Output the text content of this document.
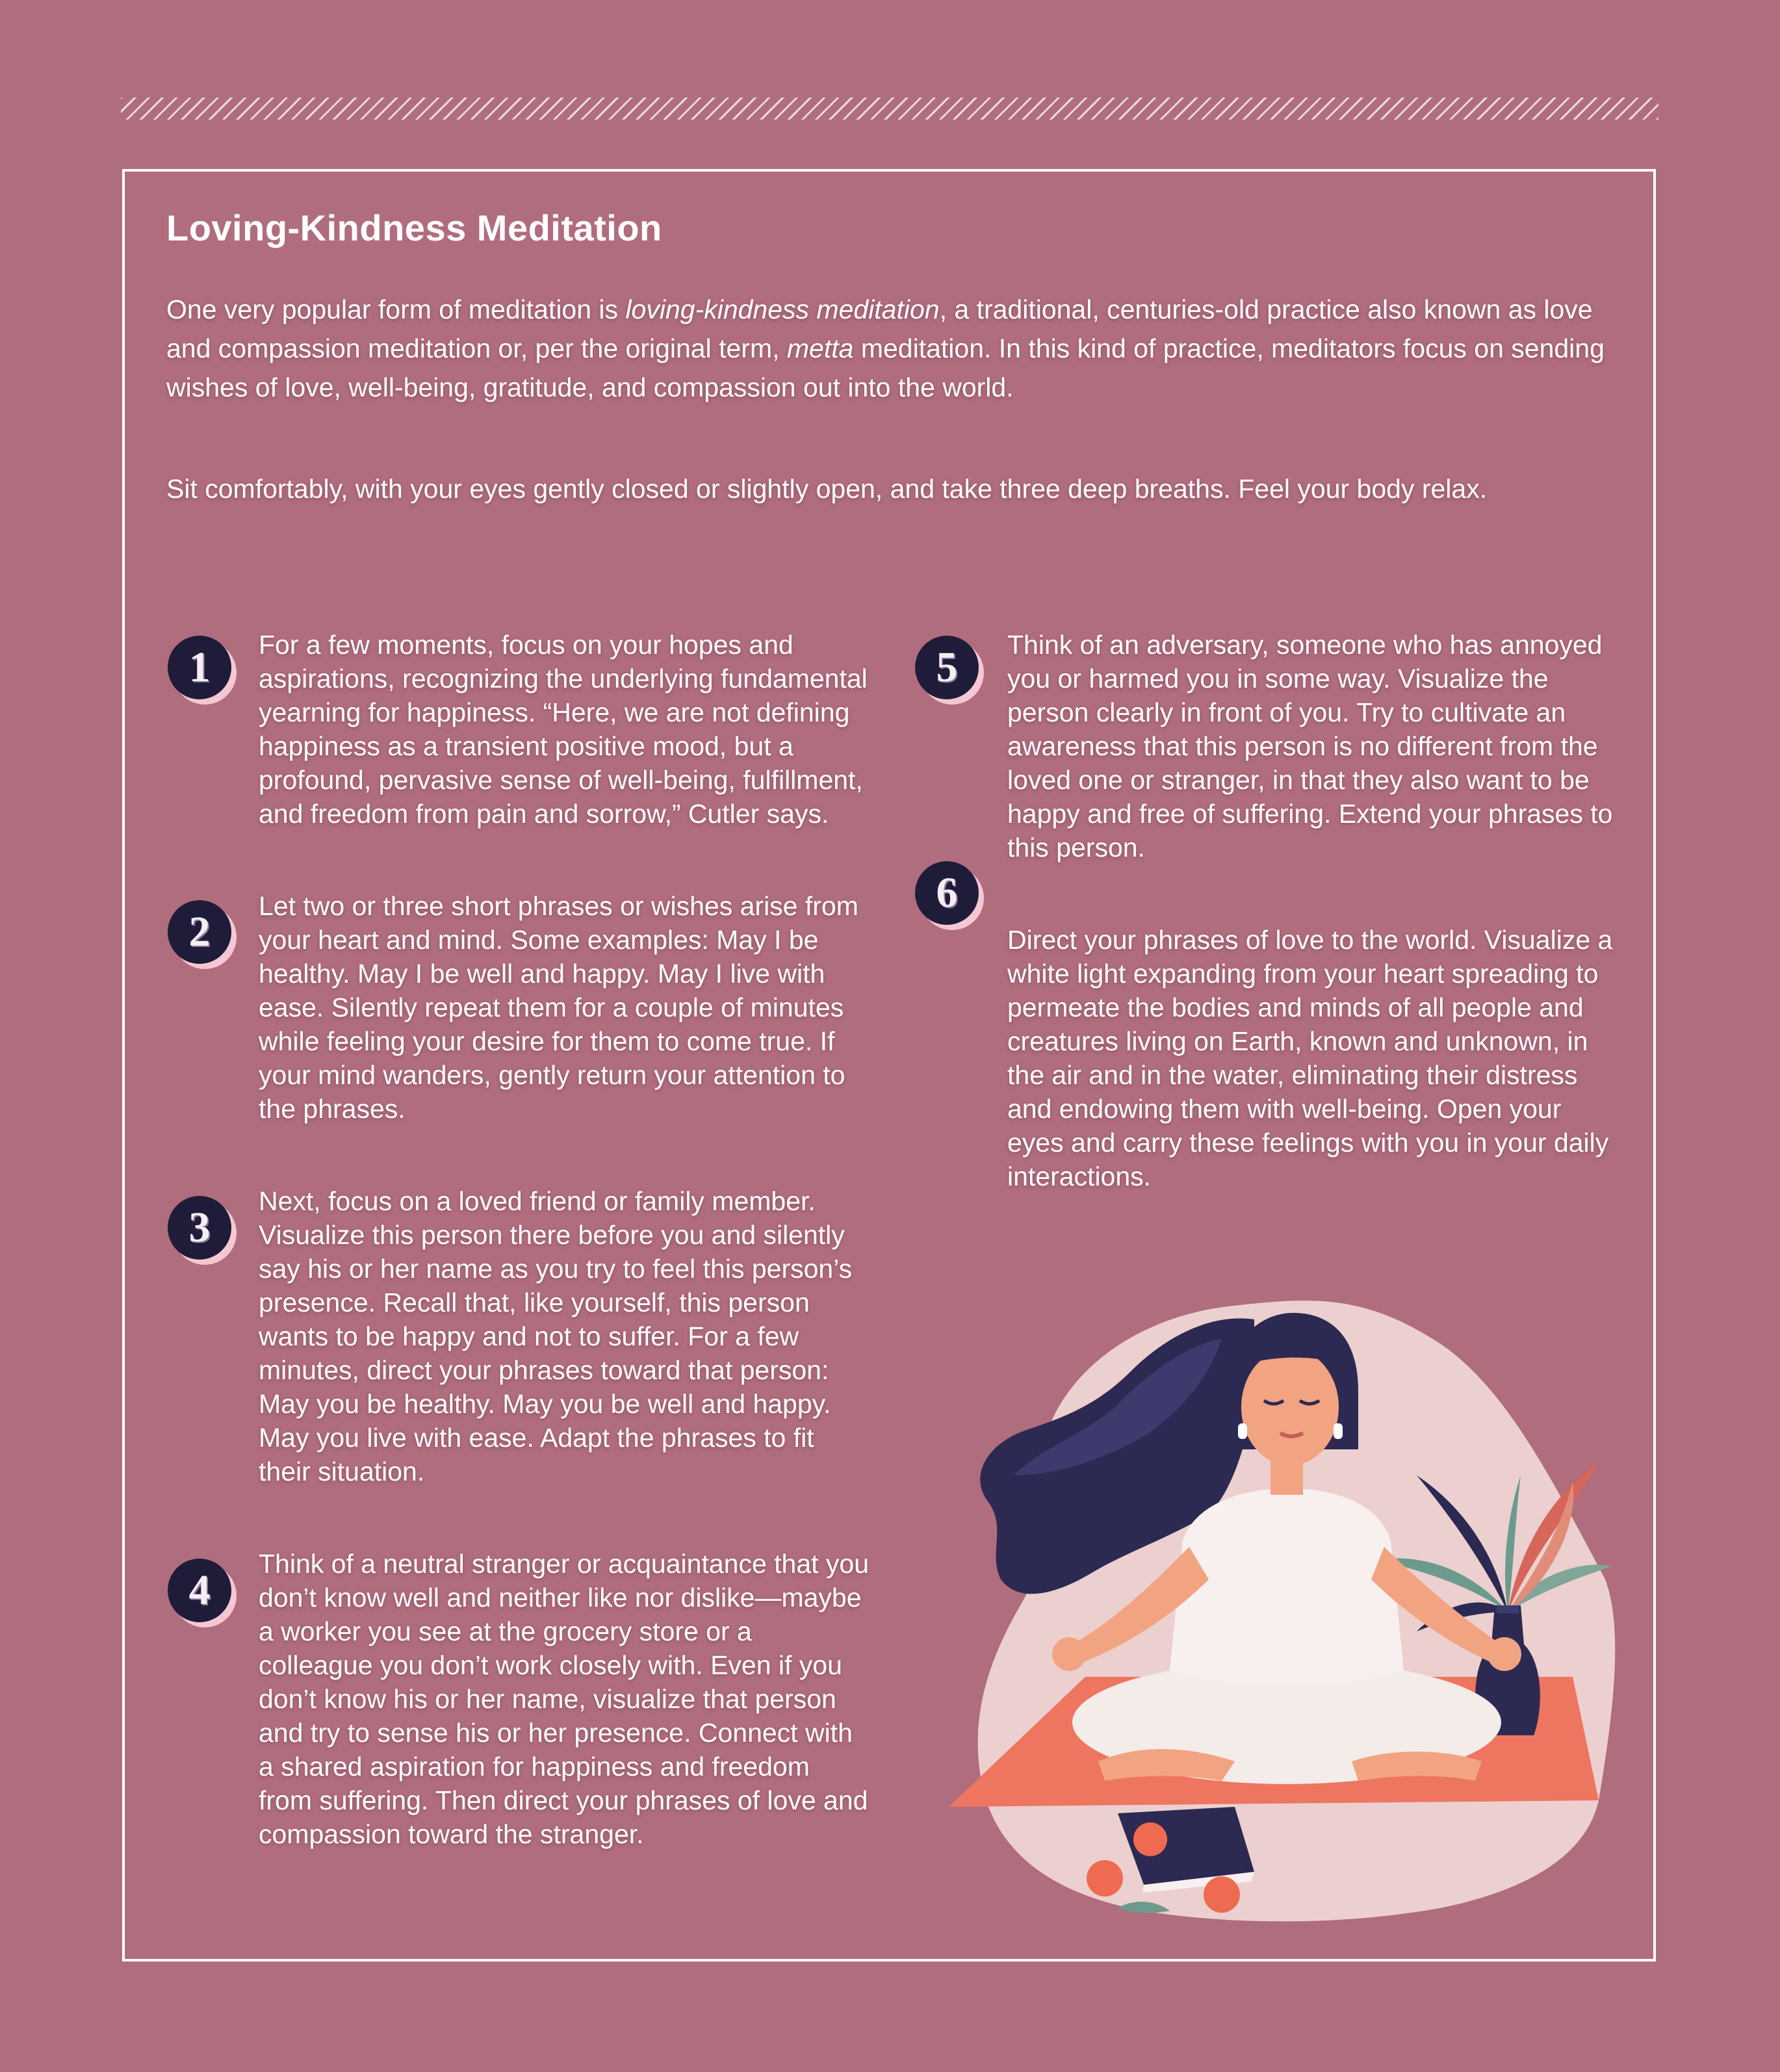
Loving-Kindness Meditation

One very popular form of meditation is loving-kindness meditation, a traditional, centuries-old practice also known as love and compassion meditation or, per the original term, metta meditation. In this kind of practice, meditators focus on sending wishes of love, well-being, gratitude, and compassion out into the world.

Sit comfortably, with your eyes gently closed or slightly open, and take three deep breaths. Feel your body relax.

1
2
3
4
5
6

For a few moments, focus on your hopes and aspirations, recognizing the underlying fundamental yearning for happiness. “Here, we are not defining happiness as a transient positive mood, but a profound, pervasive sense of well-being, fulfillment, and freedom from pain and sorrow,” Cutler says.

Let two or three short phrases or wishes arise from your heart and mind. Some examples: May I be healthy. May I be well and happy. May I live with ease. Silently repeat them for a couple of minutes while feeling your desire for them to come true. If your mind wanders, gently return your attention to the phrases.

Next, focus on a loved friend or family member. Visualize this person there before you and silently say his or her name as you try to feel this person’s presence. Recall that, like yourself, this person wants to be happy and not to suffer. For a few minutes, direct your phrases toward that person: May you be healthy. May you be well and happy. May you live with ease. Adapt the phrases to fit their situation.

Think of a neutral stranger or acquaintance that you don’t know well and neither like nor dislike—maybe a worker you see at the grocery store or a colleague you don’t work closely with. Even if you don’t know his or her name, visualize that person and try to sense his or her presence. Connect with a shared aspiration for happiness and freedom from suffering. Then direct your phrases of love and compassion toward the stranger.

Think of an adversary, someone who has annoyed you or harmed you in some way. Visualize the person clearly in front of you. Try to cultivate an awareness that this person is no different from the loved one or stranger, in that they also want to be happy and free of suffering. Extend your phrases to this person.

Direct your phrases of love to the world. Visualize a white light expanding from your heart spreading to permeate the bodies and minds of all people and creatures living on Earth, known and unknown, in the air and in the water, eliminating their distress and endowing them with well-being. Open your eyes and carry these feelings with you in your daily interactions.
